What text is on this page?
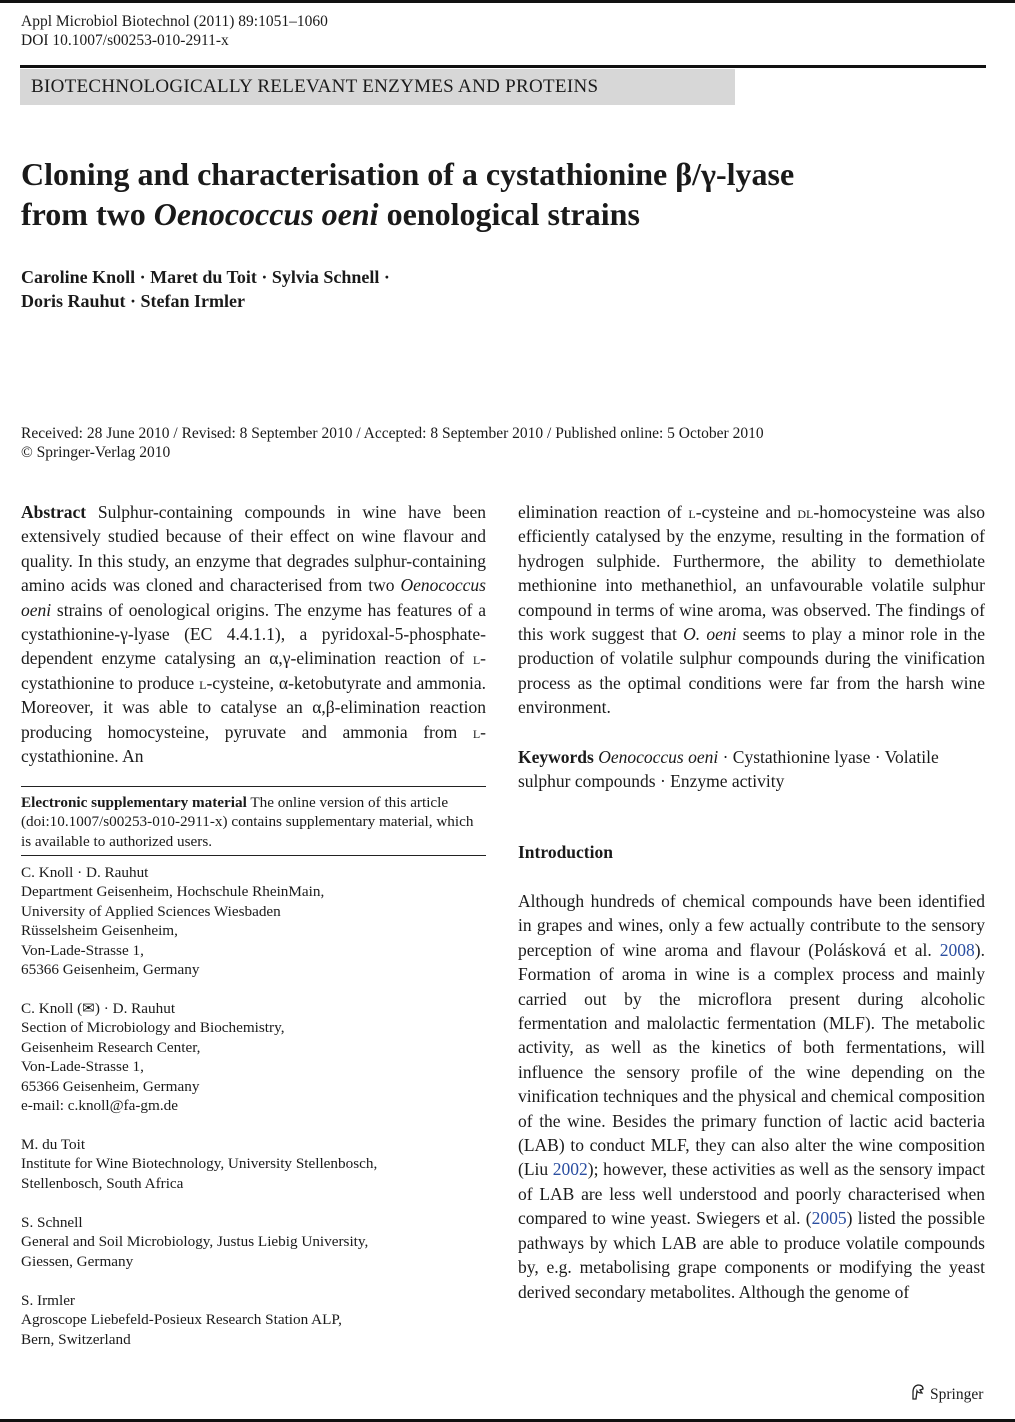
Appl Microbiol Biotechnol (2011) 89:1051–1060
DOI 10.1007/s00253-010-2911-x
BIOTECHNOLOGICALLY RELEVANT ENZYMES AND PROTEINS
Cloning and characterisation of a cystathionine β/γ-lyase
from two Oenococcus oeni oenological strains
Caroline Knoll · Maret du Toit · Sylvia Schnell ·
Doris Rauhut · Stefan Irmler
Received: 28 June 2010 / Revised: 8 September 2010 / Accepted: 8 September 2010 / Published online: 5 October 2010
© Springer-Verlag 2010

Abstract Sulphur-containing compounds in wine have been extensively studied because of their effect on wine flavour and quality. In this study, an enzyme that degrades sulphur-containing amino acids was cloned and characterised from two Oenococcus oeni strains of oenological origins. The enzyme has features of a cystathionine-γ-lyase (EC 4.4.1.1), a pyridoxal-5-phosphate-dependent enzyme catalysing an α,γ-elimination reaction of l-cystathionine to produce l-cysteine, α-ketobutyrate and ammonia. Moreover, it was able to catalyse an α,β-elimination reaction producing homocysteine, pyruvate and ammonia from l-cystathionine. An

Electronic supplementary material The online version of this article (doi:10.1007/s00253-010-2911-x) contains supplementary material, which is available to authorized users.
C. Knoll · D. Rauhut
Department Geisenheim, Hochschule RheinMain,
University of Applied Sciences Wiesbaden
Rüsselsheim Geisenheim,
Von-Lade-Strasse 1,
65366 Geisenheim, Germany
C. Knoll (✉) · D. Rauhut
Section of Microbiology and Biochemistry,
Geisenheim Research Center,
Von-Lade-Strasse 1,
65366 Geisenheim, Germany
e-mail: c.knoll@fa-gm.de
M. du Toit
Institute for Wine Biotechnology, University Stellenbosch,
Stellenbosch, South Africa
S. Schnell
General and Soil Microbiology, Justus Liebig University,
Giessen, Germany
S. Irmler
Agroscope Liebefeld-Posieux Research Station ALP,
Bern, Switzerland

elimination reaction of l-cysteine and dl-homocysteine was also efficiently catalysed by the enzyme, resulting in the formation of hydrogen sulphide. Furthermore, the ability to demethiolate methionine into methanethiol, an unfavourable volatile sulphur compound in terms of wine aroma, was observed. The findings of this work suggest that O. oeni seems to play a minor role in the production of volatile sulphur compounds during the vinification process as the optimal conditions were far from the harsh wine environment.

Keywords Oenococcus oeni · Cystathionine lyase · Volatile sulphur compounds · Enzyme activity
Introduction

Although hundreds of chemical compounds have been identified in grapes and wines, only a few actually contribute to the sensory perception of wine aroma and flavour (Polásková et al. 2008). Formation of aroma in wine is a complex process and mainly carried out by the microflora present during alcoholic fermentation and malolactic fermentation (MLF). The metabolic activity, as well as the kinetics of both fermentations, will influence the sensory profile of the wine depending on the vinification techniques and the physical and chemical composition of the wine. Besides the primary function of lactic acid bacteria (LAB) to conduct MLF, they can also alter the wine composition (Liu 2002); however, these activities as well as the sensory impact of LAB are less well understood and poorly characterised when compared to wine yeast. Swiegers et al. (2005) listed the possible pathways by which LAB are able to produce volatile compounds by, e.g. metabolising grape components or modifying the yeast derived secondary metabolites. Although the genome of

Springer
